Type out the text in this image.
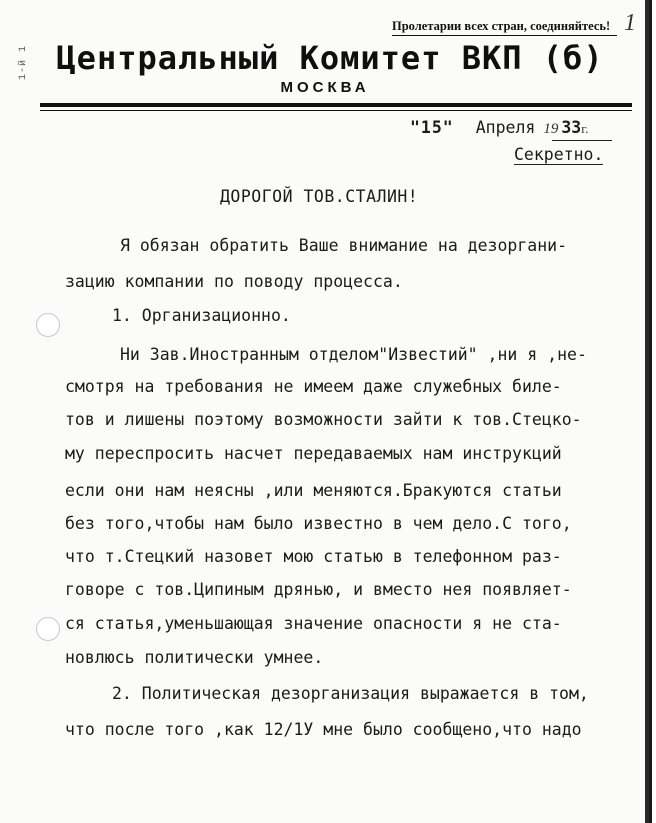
Пролетарии всех стран, соединяйтесь! 1
1-й 1 Центральный Комитет ВКП (б)
МОСКВА
"15" Апреля 19 33г.
Секретно.
ДОРОГОЙ ТОВ.СТАЛИН!
Я обязан обратить Ваше внимание на дезоргани-
зацию компании по поводу процесса.
1. Организационно.
Ни Зав.Иностранным отделом"Известий" ,ни я ,не-
смотря на требования не имеем даже служебных биле-
тов и лишены поэтому возможности зайти к тов.Стецко-
му переспросить насчет передаваемых нам инструкций
если они нам неясны ,или меняются.Бракуются статьи
без того,чтобы нам было известно в чем дело.С того,
что т.Стецкий назовет мою статью в телефонном раз-
говоре с тов.Ципиным дрянью, и вместо нея появляет-
ся статья,уменьшающая значение опасности я не ста-
новлюсь политически умнее.
2. Политическая дезорганизация выражается в том,
что после того ,как 12/1У мне было сообщено,что надо
